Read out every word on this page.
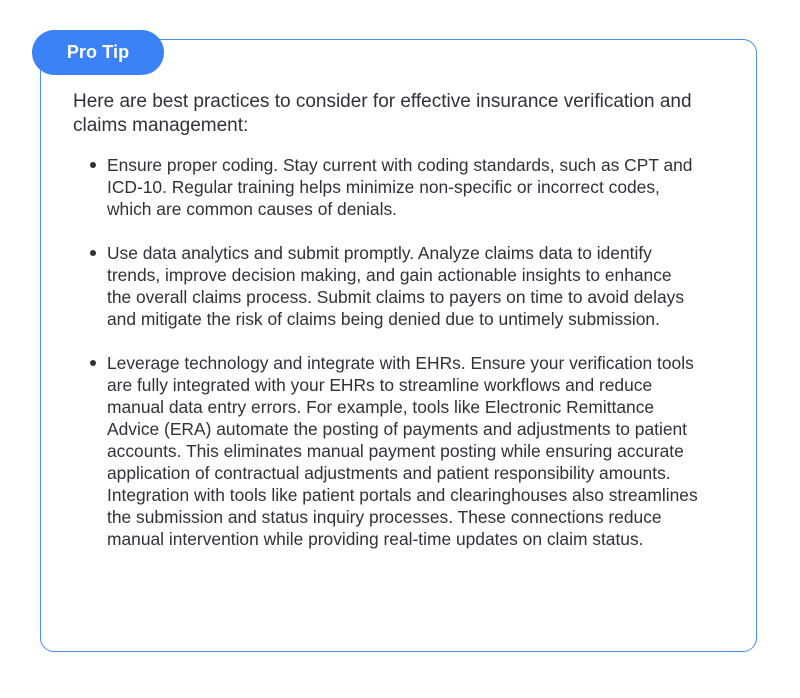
Pro Tip

Here are best practices to consider for effective insurance verification and claims management:

Ensure proper coding. Stay current with coding standards, such as CPT and ICD-10. Regular training helps minimize non-specific or incorrect codes, which are common causes of denials.
Use data analytics and submit promptly. Analyze claims data to identify trends, improve decision making, and gain actionable insights to enhance the overall claims process. Submit claims to payers on time to avoid delays and mitigate the risk of claims being denied due to untimely submission.
Leverage technology and integrate with EHRs. Ensure your verification tools are fully integrated with your EHRs to streamline workflows and reduce manual data entry errors. For example, tools like Electronic Remittance Advice (ERA) automate the posting of payments and adjustments to patient accounts. This eliminates manual payment posting while ensuring accurate application of contractual adjustments and patient responsibility amounts. Integration with tools like patient portals and clearinghouses also streamlines the submission and status inquiry processes. These connections reduce manual intervention while providing real-time updates on claim status.
